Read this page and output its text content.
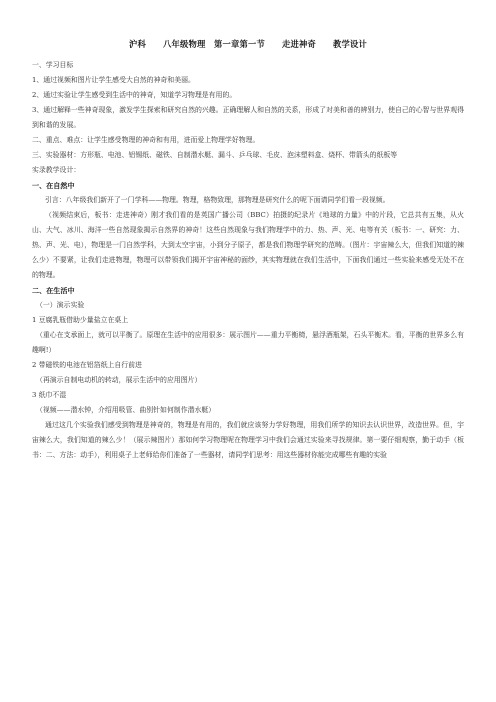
沪科　　八年级物理　第一章第一节　　走进神奇　　教学设计

一、学习目标

1、通过视频和图片让学生感受大自然的神奇和美丽。

2、通过实验让学生感受到生活中的神奇，知道学习物理是有用的。

3、通过解释一些神奇现象，激发学生探索和研究自然的兴趣。正确理解人和自然的关系，形成了对美和善的辨别力，使自己的心智与世界观得到和谐的发展。

二、重点、难点：让学生感受物理的神奇和有用，进而爱上物理学好物理。

三、实验器材：方形瓶、电池、铝锡纸、磁铁、自制潜水艇、漏斗、乒乓球、毛皮、泡沫塑料盒、烧杯、带箭头的纸板等

实录教学设计：

一、在自然中

引言：八年级我们新开了一门学科——物理。物理，格物致理，那物理是研究什么的呢下面请同学们看一段视频。

（视频结束后，板书：走进神奇）刚才我们看的是英国广播公司（BBC）拍摄的纪录片《地球的力量》中的片段，它总共有五集，从火山、大气、冰川、海洋一些自然现象揭示自然界的神奇！这些自然现象与我们物理学中的力、热、声、光、电等有关（板书：一、研究：力、热、声、光、电），物理是一门自然学科，大到太空宇宙，小到分子原子，都是我们物理学研究的范畴。（图片：宇宙辣么大，但我们知道的辣么少）不要紧，让我们走进物理，物理可以带领我们揭开宇宙神秘的面纱，其实物理就在我们生活中，下面我们通过一些实验来感受无处不在的物理。

二、在生活中

（一）演示实验

1 豆腐乳瓶借助少量盐立在桌上

（重心在支承面上，就可以平衡了。原理在生活中的应用很多：展示图片——重力平衡椅，悬浮酒瓶架，石头平衡术。看，平衡的世界多么有趣啊!）

2 带磁铁的电池在铝箔纸上自行前进

（再演示自制电动机的转动，展示生活中的应用图片）

3 纸巾不湿

（视频——潜水钟，介绍用吸管、曲别针如何制作潜水艇）

通过这几个实验我们感受到物理是神奇的，物理是有用的，我们就应该努力学好物理，用我们所学的知识去认识世界，改造世界。但，宇宙辣么大，我们知道的辣么少！（展示辣图片）那如何学习物理呢在物理学习中我们会通过实验来寻找规律。第一要仔细观察，勤于动手（板书：二、方法：动手），利用桌子上老师给你们准备了一些器材，请同学们思考：用这些器材你能完成哪些有趣的实验
